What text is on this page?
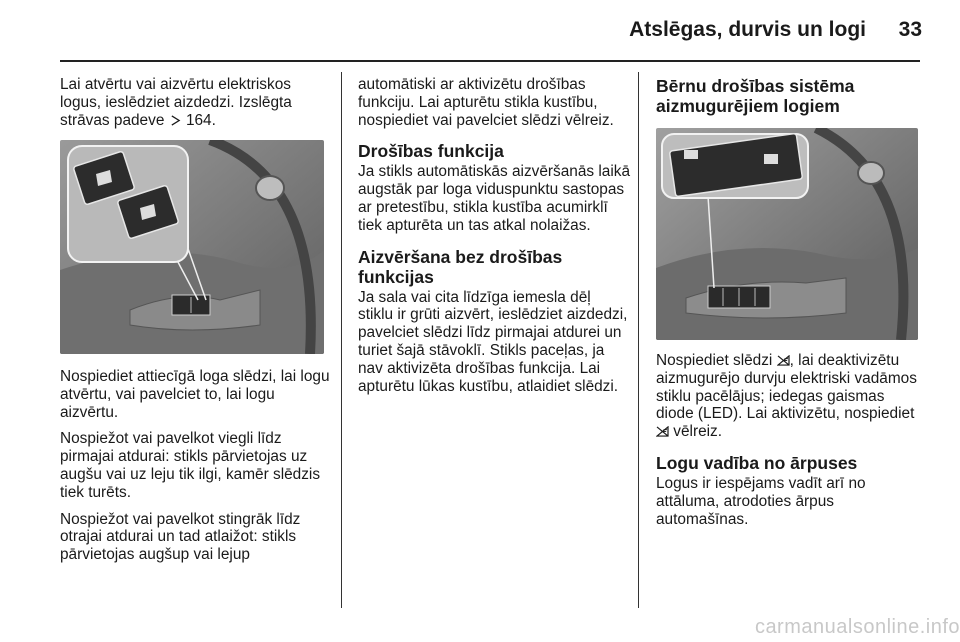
Atslēgas, durvis un logi	33

Lai atvērtu vai aizvērtu elektriskos logus, ieslēdziet aizdedzi. Izslēgta strāvas padeve  164.

Nospiediet attiecīgā loga slēdzi, lai logu atvērtu, vai pavelciet to, lai logu aizvērtu.

Nospiežot vai pavelkot viegli līdz pirmajai atdurai: stikls pārvietojas uz augšu vai uz leju tik ilgi, kamēr slēdzis tiek turēts.

Nospiežot vai pavelkot stingrāk līdz otrajai atdurai un tad atlaižot: stikls pārvietojas augšup vai lejup

automātiski ar aktivizētu drošības funkciju. Lai apturētu stikla kustību, nospiediet vai pavelciet slēdzi vēlreiz.

Drošības funkcija

Ja stikls automātiskās aizvēršanās laikā augstāk par loga viduspunktu sastopas ar pretestību, stikla kustība acumirklī tiek apturēta un tas atkal nolaižas.

Aizvēršana bez drošības funkcijas

Ja sala vai cita līdzīga iemesla dēļ stiklu ir grūti aizvērt, ieslēdziet aizdedzi, pavelciet slēdzi līdz pirmajai atdurei un turiet šajā stāvoklī. Stikls paceļas, ja nav aktivizēta drošības funkcija. Lai apturētu lūkas kustību, atlaidiet slēdzi.

Bērnu drošības sistēma aizmugurējiem logiem

Nospiediet slēdzi , lai deaktivizētu aizmugurējo durvju elektriski vadāmos stiklu pacēlājus; iedegas gaismas diode (LED). Lai aktivizētu, nospiediet  vēlreiz.

Logu vadība no ārpuses

Logus ir iespējams vadīt arī no attāluma, atrodoties ārpus automašīnas.

carmanualsonline.info
